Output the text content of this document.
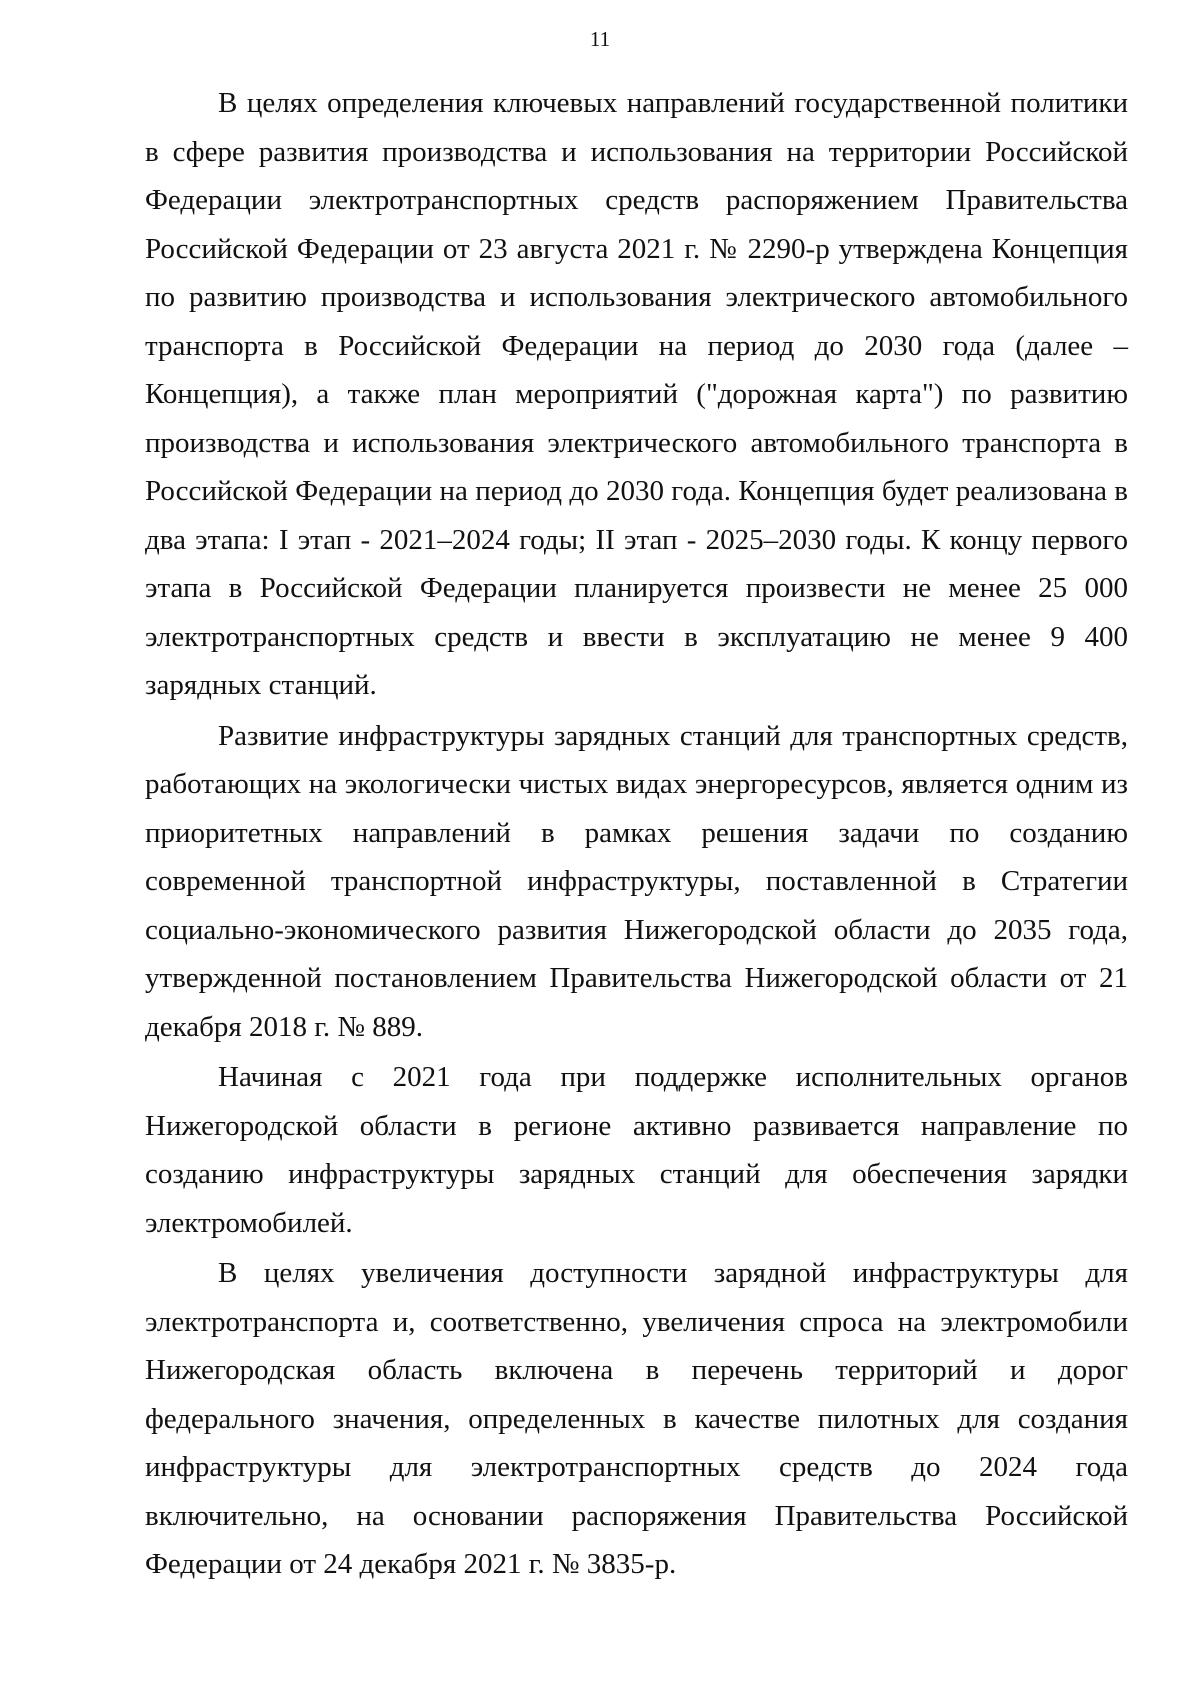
11

В целях определения ключевых направлений государственной политики в сфере развития производства и использования на территории Российской Федерации электротранспортных средств распоряжением Правительства Российской Федерации от 23 августа 2021 г. № 2290-р утверждена Концепция по развитию производства и использования электрического автомобильного транспорта в Российской Федерации на период до 2030 года (далее – Концепция), а также план мероприятий ("дорожная карта") по развитию производства и использования электрического автомобильного транспорта в Российской Федерации на период до 2030 года. Концепция будет реализована в два этапа: I этап - 2021–2024 годы; II этап - 2025–2030 годы. К концу первого этапа в Российской Федерации планируется произвести не менее 25 000 электротранспортных средств и ввести в эксплуатацию не менее 9 400 зарядных станций.

Развитие инфраструктуры зарядных станций для транспортных средств, работающих на экологически чистых видах энергоресурсов, является одним из приоритетных направлений в рамках решения задачи по созданию современной транспортной инфраструктуры, поставленной в Стратегии социально-экономического развития Нижегородской области до 2035 года, утвержденной постановлением Правительства Нижегородской области от 21 декабря 2018 г. № 889.

Начиная с 2021 года при поддержке исполнительных органов Нижегородской области в регионе активно развивается направление по созданию инфраструктуры зарядных станций для обеспечения зарядки электромобилей.

В целях увеличения доступности зарядной инфраструктуры для электротранспорта и, соответственно, увеличения спроса на электромобили Нижегородская область включена в перечень территорий и дорог федерального значения, определенных в качестве пилотных для создания инфраструктуры для электротранспортных средств до 2024 года включительно, на основании распоряжения Правительства Российской Федерации от 24 декабря 2021 г. № 3835-р.
